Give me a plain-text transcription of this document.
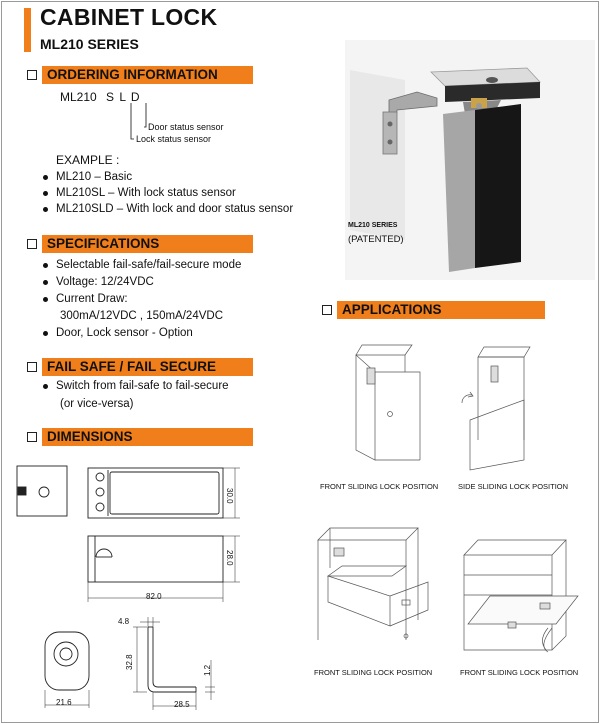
CABINET LOCK
ML210 SERIES
ORDERING INFORMATION
ML210 S L D
Door status sensor
Lock status sensor
EXAMPLE :
ML210 – Basic
ML210SL – With lock status sensor
ML210SLD – With lock and door status sensor
ML210 SERIES
(PATENTED)
SPECIFICATIONS
Selectable fail-safe/fail-secure mode
Voltage: 12/24VDC
Current Draw:
300mA/12VDC , 150mA/24VDC
Door, Lock sensor - Option
FAIL SAFE / FAIL SECURE
Switch from fail-safe to fail-secure
(or vice-versa)
DIMENSIONS
30.0
28.0
82.0
4.8
32.8
1.2
21.6	28.5
APPLICATIONS
FRONT SLIDING LOCK POSITION	SIDE SLIDING LOCK POSITION
FRONT SLIDING LOCK POSITION	FRONT SLIDING LOCK POSITION
